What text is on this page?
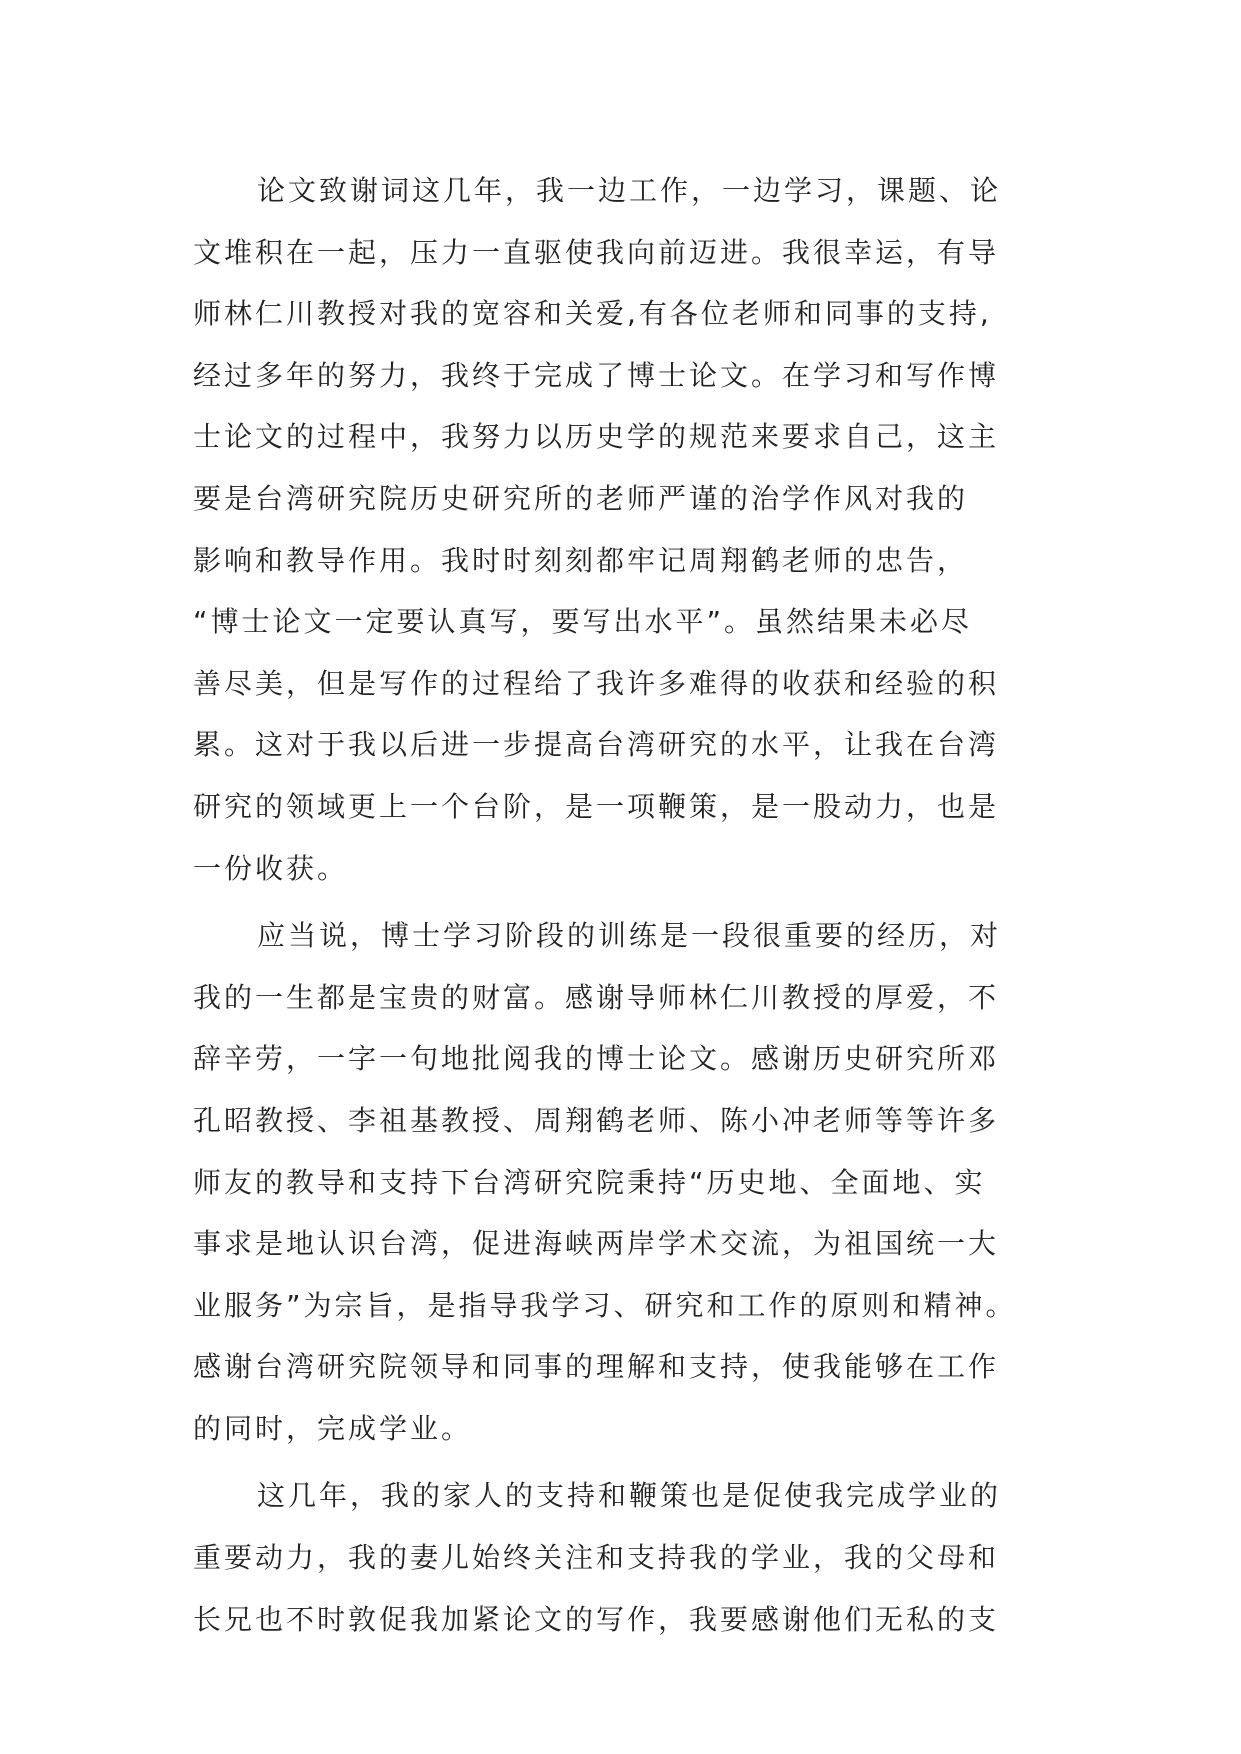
论文致谢词这几年，我一边工作，一边学习，课题、论
文堆积在一起，压力一直驱使我向前迈进。我很幸运，有导
师林仁川教授对我的宽容和关爱,有各位老师和同事的支持,
经过多年的努力，我终于完成了博士论文。在学习和写作博
士论文的过程中，我努力以历史学的规范来要求自己，这主
要是台湾研究院历史研究所的老师严谨的治学作风对我的
影响和教导作用。我时时刻刻都牢记周翔鹤老师的忠告，
“博士论文一定要认真写，要写出水平”。虽然结果未必尽
善尽美，但是写作的过程给了我许多难得的收获和经验的积
累。这对于我以后进一步提高台湾研究的水平，让我在台湾
研究的领域更上一个台阶，是一项鞭策，是一股动力，也是
一份收获。
应当说，博士学习阶段的训练是一段很重要的经历，对
我的一生都是宝贵的财富。感谢导师林仁川教授的厚爱，不
辞辛劳，一字一句地批阅我的博士论文。感谢历史研究所邓
孔昭教授、李祖基教授、周翔鹤老师、陈小冲老师等等许多
师友的教导和支持下台湾研究院秉持“历史地、全面地、实
事求是地认识台湾，促进海峡两岸学术交流，为祖国统一大
业服务”为宗旨，是指导我学习、研究和工作的原则和精神。
感谢台湾研究院领导和同事的理解和支持，使我能够在工作
的同时，完成学业。
这几年，我的家人的支持和鞭策也是促使我完成学业的
重要动力，我的妻儿始终关注和支持我的学业，我的父母和
长兄也不时敦促我加紧论文的写作，我要感谢他们无私的支
